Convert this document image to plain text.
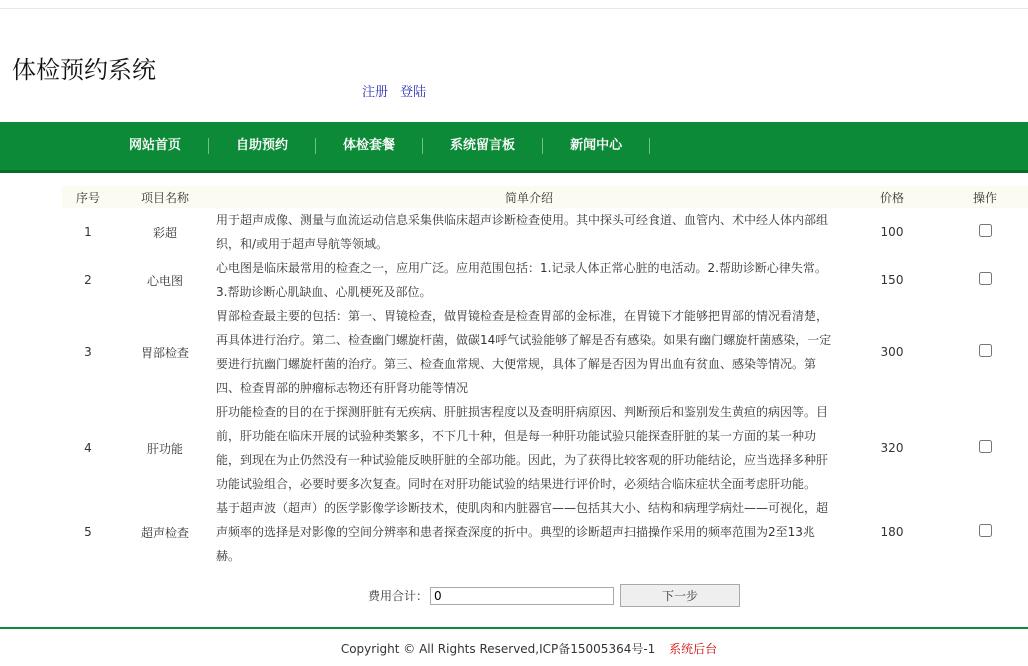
体检预约系统
注册 登陆
网站首页	自助预约	体检套餐	系统留言板	新闻中心
序号	项目名称	简单介绍	价格	操作
1	彩超	用于超声成像、测量与血流运动信息采集供临床超声诊断检查使用。其中探头可经食道、血管内、术中经人体内部组织，和/或用于超声导航等领域。	100	
2	心电图	心电图是临床最常用的检查之一，应用广泛。应用范围包括：1.记录人体正常心脏的电活动。2.帮助诊断心律失常。3.帮助诊断心肌缺血、心肌梗死及部位。	150	
3	胃部检查	胃部检查最主要的包括：第一、胃镜检查，做胃镜检查是检查胃部的金标准，在胃镜下才能够把胃部的情况看清楚，再具体进行治疗。第二、检查幽门螺旋杆菌，做碳14呼气试验能够了解是否有感染。如果有幽门螺旋杆菌感染，一定要进行抗幽门螺旋杆菌的治疗。第三、检查血常规、大便常规，具体了解是否因为胃出血有贫血、感染等情况。第四、检查胃部的肿瘤标志物还有肝肾功能等情况	300	
4	肝功能	肝功能检查的目的在于探测肝脏有无疾病、肝脏损害程度以及查明肝病原因、判断预后和鉴别发生黄疸的病因等。目前，肝功能在临床开展的试验种类繁多，不下几十种，但是每一种肝功能试验只能探查肝脏的某一方面的某一种功能，到现在为止仍然没有一种试验能反映肝脏的全部功能。因此，为了获得比较客观的肝功能结论，应当选择多种肝功能试验组合，必要时要多次复查。同时在对肝功能试验的结果进行评价时，必须结合临床症状全面考虑肝功能。	320	
5	超声检查	基于超声波（超声）的医学影像学诊断技术，使肌肉和内脏器官——包括其大小、结构和病理学病灶——可视化，超声频率的选择是对影像的空间分辨率和患者探查深度的折中。典型的诊断超声扫描操作采用的频率范围为2至13兆赫。	180	
费用合计：
0	下一步
Copyright © All Rights Reserved,ICP备15005364号-1 系统后台
